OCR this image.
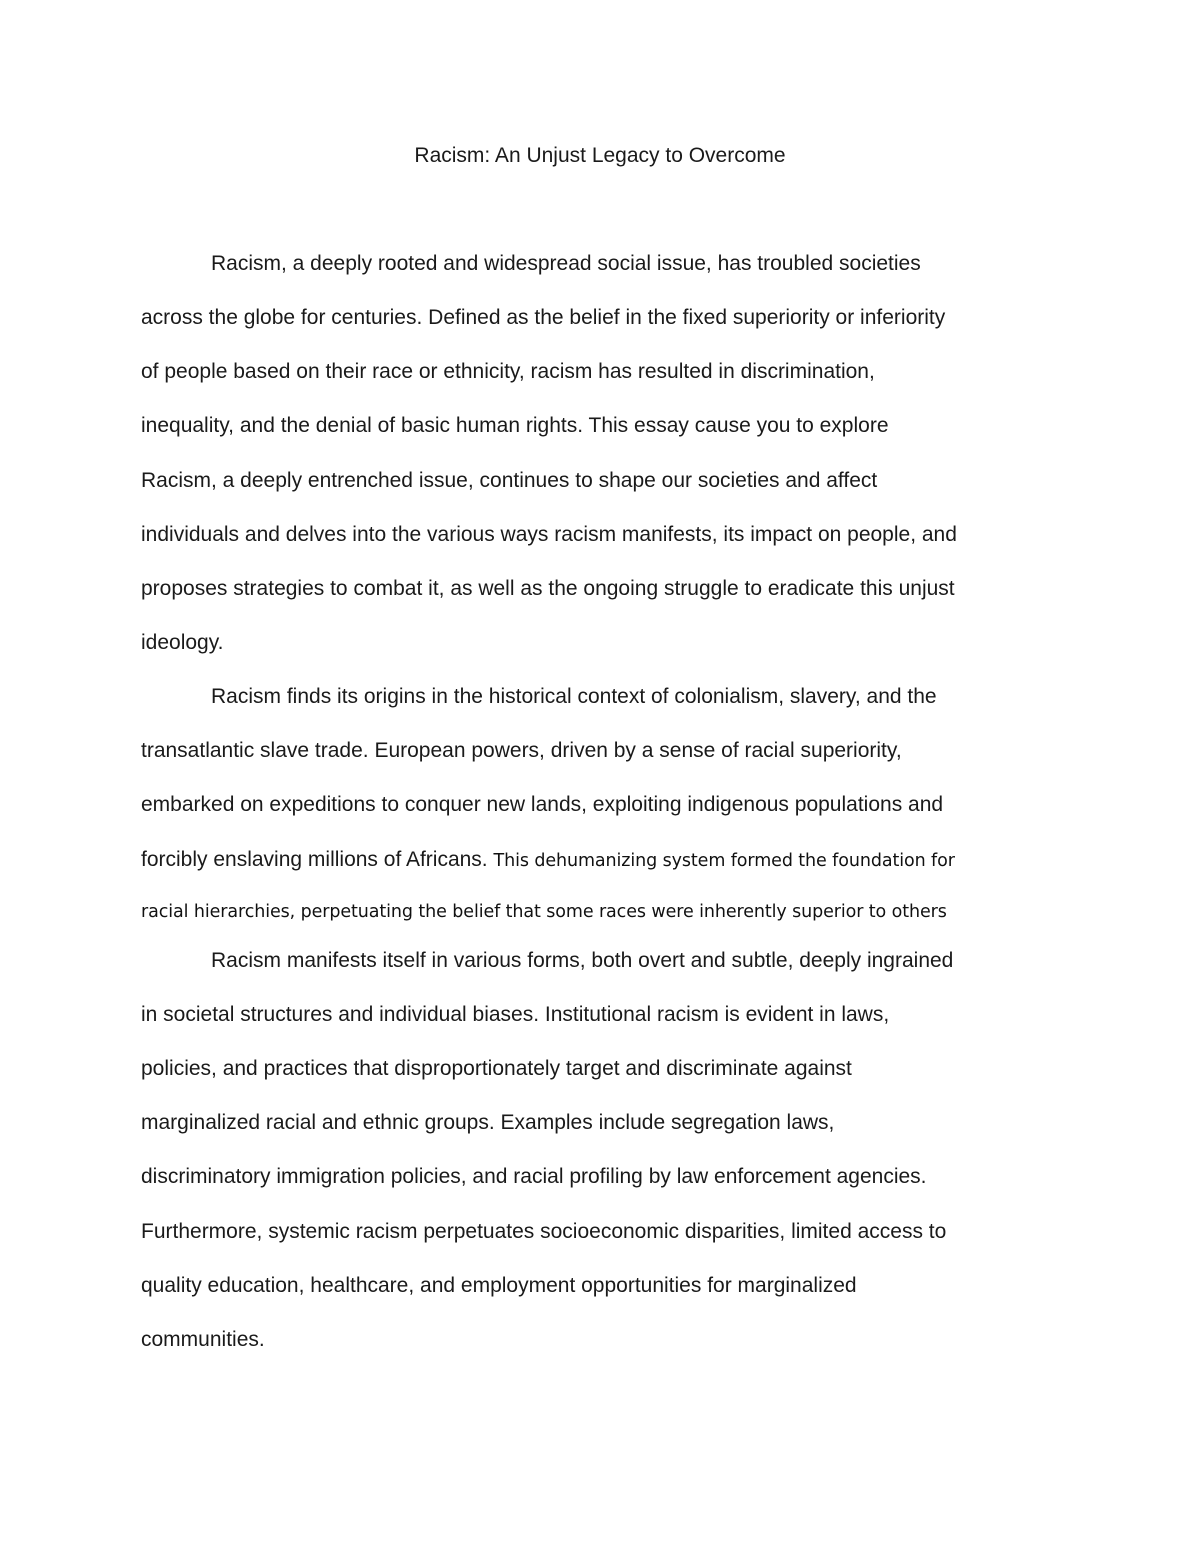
Racism: An Unjust Legacy to Overcome

Racism, a deeply rooted and widespread social issue, has troubled societies

across the globe for centuries. Defined as the belief in the fixed superiority or inferiority

of people based on their race or ethnicity, racism has resulted in discrimination,

inequality, and the denial of basic human rights. This essay cause you to explore

Racism, a deeply entrenched issue, continues to shape our societies and affect

individuals and delves into the various ways racism manifests, its impact on people, and

proposes strategies to combat it, as well as the ongoing struggle to eradicate this unjust

ideology.

Racism finds its origins in the historical context of colonialism, slavery, and the

transatlantic slave trade. European powers, driven by a sense of racial superiority,

embarked on expeditions to conquer new lands, exploiting indigenous populations and

forcibly enslaving millions of Africans. This dehumanizing system formed the foundation for

racial hierarchies, perpetuating the belief that some races were inherently superior to others

Racism manifests itself in various forms, both overt and subtle, deeply ingrained

in societal structures and individual biases. Institutional racism is evident in laws,

policies, and practices that disproportionately target and discriminate against

marginalized racial and ethnic groups. Examples include segregation laws,

discriminatory immigration policies, and racial profiling by law enforcement agencies.

Furthermore, systemic racism perpetuates socioeconomic disparities, limited access to

quality education, healthcare, and employment opportunities for marginalized

communities.
